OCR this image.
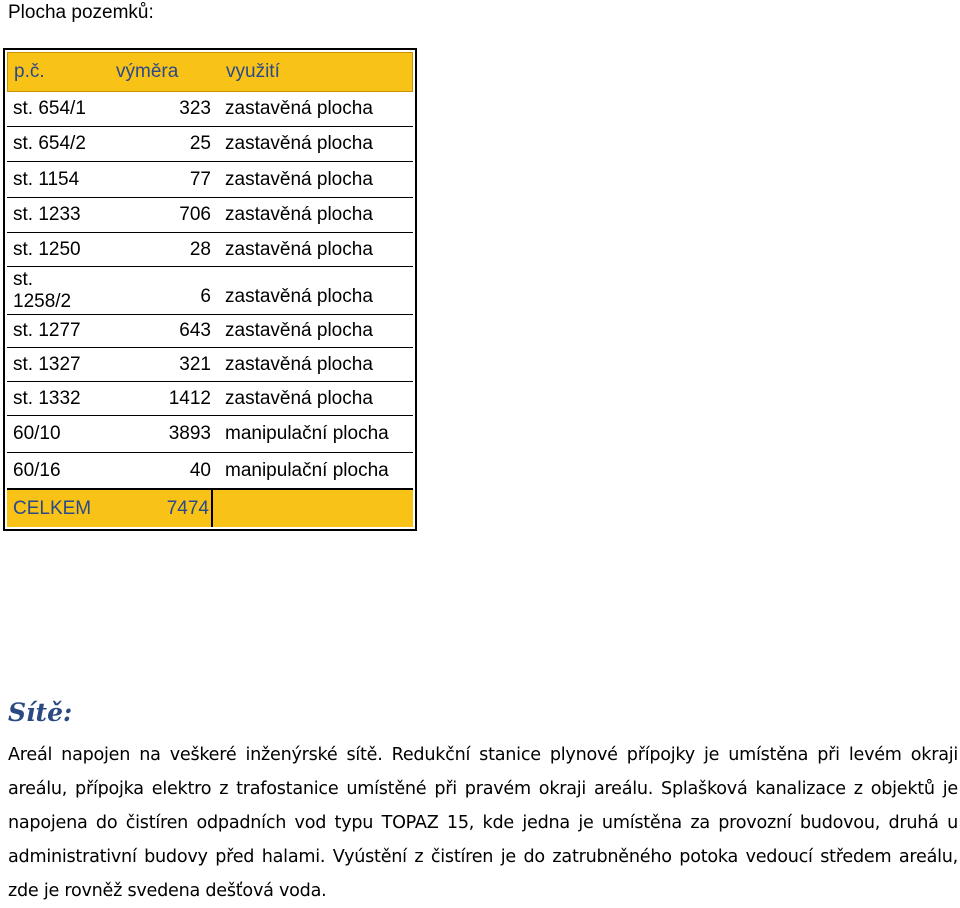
Plocha pozemků:
p.č.	výměra	využití
CELKEM	7474
st. 654/1	323 zastavěná plocha
st. 654/2	25 zastavěná plocha
st. 1154	77 zastavěná plocha
st. 1233	706 zastavěná plocha
st. 1250	28 zastavěná plocha
st. 1258/2	6 zastavěná plocha
st. 1277	643 zastavěná plocha
st. 1327	321 zastavěná plocha
st. 1332	1412 zastavěná plocha
60/10	3893 manipulační plocha
60/16	40 manipulační plocha
Sítě:
Areál napojen na veškeré inženýrské sítě. Redukční stanice plynové přípojky je umístěna při levém okraji areálu, přípojka elektro z trafostanice umístěné při pravém okraji areálu. Splašková kanalizace z objektů je napojena do čistíren odpadních vod typu TOPAZ 15, kde jedna je umístěna za provozní budovou, druhá u administrativní budovy před halami. Vyústění z čistíren je do zatrubněného potoka vedoucí středem areálu, zde je rovněž svedena dešťová voda.
